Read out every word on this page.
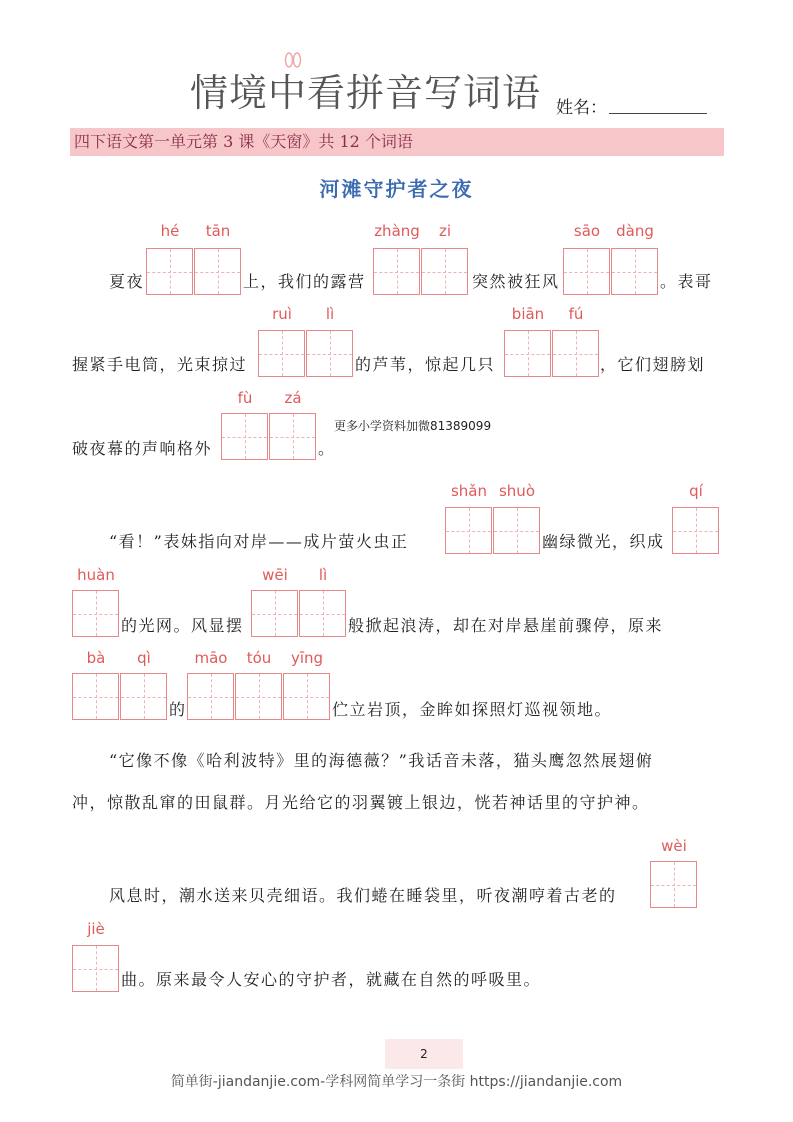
情境中看拼音写词语 姓名：
四下语文第一单元第 3 课《天窗》共 12 个词语
河滩守护者之夜
hé	tān	zhàng	zi	sāo	dàng
夏夜	上，我们的露营	突然被狂风	。表哥
ruì	lì	biān	fú
握紧手电筒，光束掠过	的芦苇，惊起几只	，它们翅膀划
fù	zá
破夜幕的声响格外	。
更多小学资料加微81389099
shǎn shuò	qí
“看！”表妹指向对岸——成片萤火虫正	幽绿微光，织成
huàn	wēi	lì
的光网。风显摆	般掀起浪涛，却在对岸悬崖前骤停，原来
bà	qì	māo	tóu	yīng
的	伫立岩顶，金眸如探照灯巡视领地。
“它像不像《哈利波特》里的海德薇？”我话音未落，猫头鹰忽然展翅俯
冲，惊散乱窜的田鼠群。月光给它的羽翼镀上银边，恍若神话里的守护神。
wèi
风息时，潮水送来贝壳细语。我们蜷在睡袋里，听夜潮哼着古老的
jiè
曲。原来最令人安心的守护者，就藏在自然的呼吸里。
2
简单街-jiandanjie.com-学科网简单学习一条街 https://jiandanjie.com
